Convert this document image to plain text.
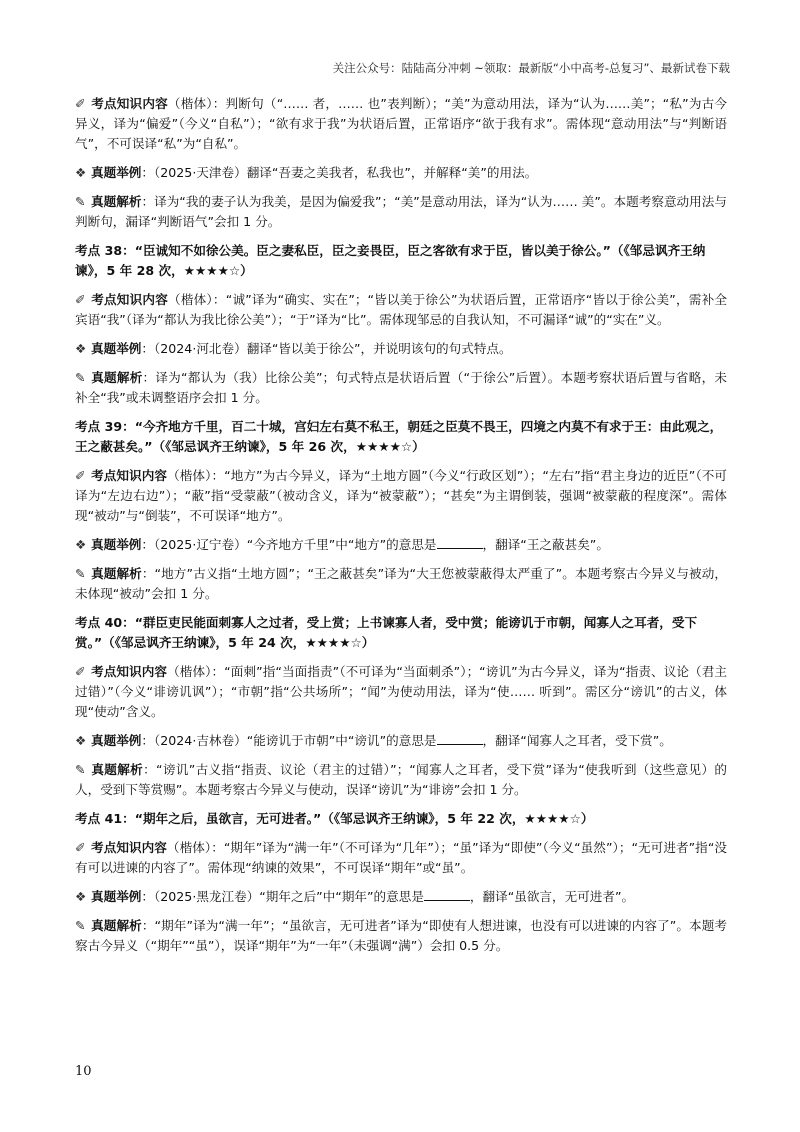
关注公众号：陆陆高分冲刺 ~领取：最新版“小中高考-总复习”、最新试卷下载

✐ 考点知识内容（楷体）：判断句（“…… 者，…… 也”表判断）；“美”为意动用法，译为“认为……美”；“私”为古今异义，译为“偏爱”（今义“自私”）；“欲有求于我”为状语后置，正常语序“欲于我有求”。需体现“意动用法”与“判断语气”，不可误译“私”为“自私”。

❖ 真题举例：（2025·天津卷）翻译“吾妻之美我者，私我也”，并解释“美”的用法。

✎ 真题解析：译为“我的妻子认为我美，是因为偏爱我”；“美”是意动用法，译为“认为…… 美”。本题考察意动用法与判断句，漏译“判断语气”会扣 1 分。

考点 38：“臣诚知不如徐公美。臣之妻私臣，臣之妾畏臣，臣之客欲有求于臣，皆以美于徐公。”（《邹忌讽齐王纳谏》，5 年 28 次，★★★★☆）

✐ 考点知识内容（楷体）：“诚”译为“确实、实在”；“皆以美于徐公”为状语后置，正常语序“皆以于徐公美”，需补全宾语“我”（译为“都认为我比徐公美”）；“于”译为“比”。需体现邹忌的自我认知，不可漏译“诚”的“实在”义。

❖ 真题举例：（2024·河北卷）翻译“皆以美于徐公”，并说明该句的句式特点。

✎ 真题解析：译为“都认为（我）比徐公美”；句式特点是状语后置（“于徐公”后置）。本题考察状语后置与省略，未补全“我”或未调整语序会扣 1 分。

考点 39：“今齐地方千里，百二十城，宫妇左右莫不私王，朝廷之臣莫不畏王，四境之内莫不有求于王：由此观之，王之蔽甚矣。”（《邹忌讽齐王纳谏》，5 年 26 次，★★★★☆）

✐ 考点知识内容（楷体）：“地方”为古今异义，译为“土地方圆”（今义“行政区划”）；“左右”指“君主身边的近臣”（不可译为“左边右边”）；“蔽”指“受蒙蔽”（被动含义，译为“被蒙蔽”）；“甚矣”为主谓倒装，强调“被蒙蔽的程度深”。需体现“被动”与“倒装”，不可误译“地方”。

❖ 真题举例：（2025·辽宁卷）“今齐地方千里”中“地方”的意思是	，翻译“王之蔽甚矣”。

✎ 真题解析：“地方”古义指“土地方圆”；“王之蔽甚矣”译为“大王您被蒙蔽得太严重了”。本题考察古今异义与被动，未体现“被动”会扣 1 分。

考点 40：“群臣吏民能面刺寡人之过者，受上赏；上书谏寡人者，受中赏；能谤讥于市朝，闻寡人之耳者，受下赏。”（《邹忌讽齐王纳谏》，5 年 24 次，★★★★☆）

✐ 考点知识内容（楷体）：“面刺”指“当面指责”（不可译为“当面刺杀”）；“谤讥”为古今异义，译为“指责、议论（君主过错）”（今义“诽谤讥讽”）；“市朝”指“公共场所”；“闻”为使动用法，译为“使…… 听到”。需区分“谤讥”的古义，体现“使动”含义。

❖ 真题举例：（2024·吉林卷）“能谤讥于市朝”中“谤讥”的意思是	，翻译“闻寡人之耳者，受下赏”。

✎ 真题解析：“谤讥”古义指“指责、议论（君主的过错）”；“闻寡人之耳者，受下赏”译为“使我听到（这些意见）的人，受到下等赏赐”。本题考察古今异义与使动，误译“谤讥”为“诽谤”会扣 1 分。

考点 41：“期年之后，虽欲言，无可进者。”（《邹忌讽齐王纳谏》，5 年 22 次，★★★★☆）

✐ 考点知识内容（楷体）：“期年”译为“满一年”（不可译为“几年”）；“虽”译为“即使”（今义“虽然”）；“无可进者”指“没有可以进谏的内容了”。需体现“纳谏的效果”，不可误译“期年”或“虽”。

❖ 真题举例：（2025·黑龙江卷）“期年之后”中“期年”的意思是	，翻译“虽欲言，无可进者”。

✎ 真题解析：“期年”译为“满一年”；“虽欲言，无可进者”译为“即使有人想进谏，也没有可以进谏的内容了”。本题考察古今异义（“期年”“虽”），误译“期年”为“一年”（未强调“满”）会扣 0.5 分。

10
